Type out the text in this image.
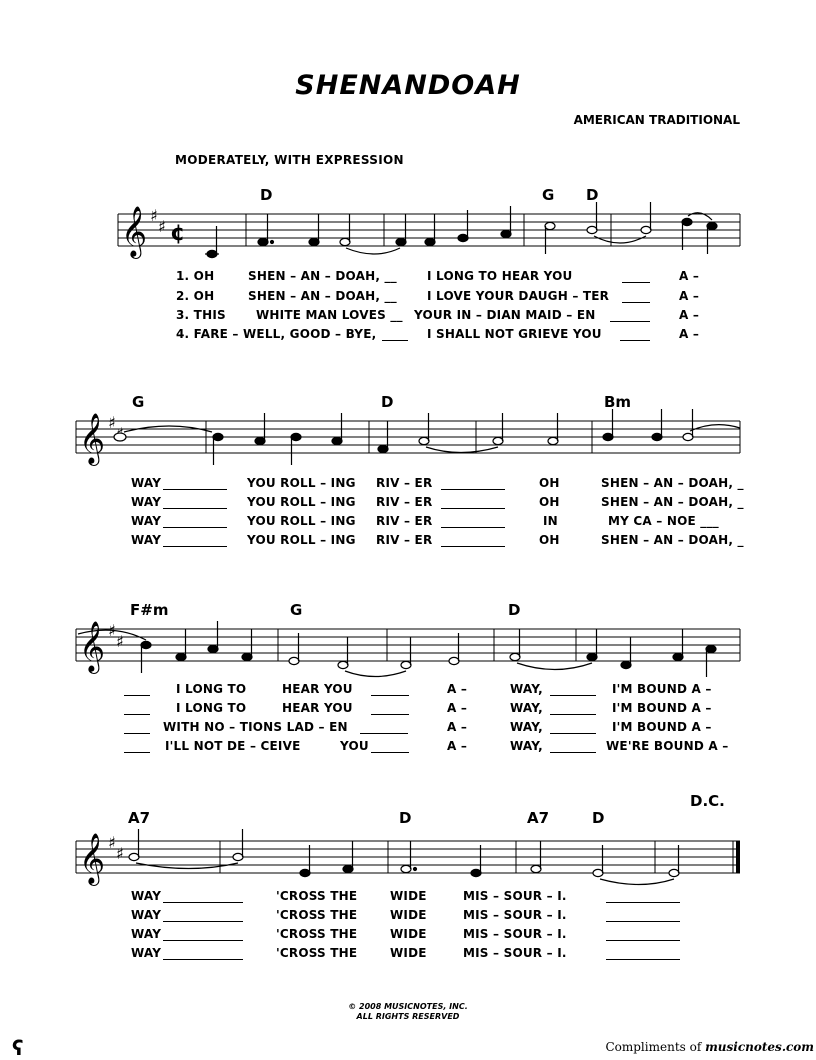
SHENANDOAH
AMERICAN TRADITIONAL
MODERATELY, WITH EXPRESSION
𝄞
𝄞
𝄞
𝄞
♯
♯
♯
♯
♯
♯
♯
¢
D	G D
G	D	Bm
F#m	G	D
A7	D	A7	D
D.C.
1. OH	SHEN – AN – DOAH, __	I LONG TO HEAR YOU	A –
2. OH	SHEN – AN – DOAH, __	I LOVE YOUR DAUGH – TER	A –
3. THIS	WHITE MAN LOVES __ YOUR IN – DIAN MAID – EN	A –
4. FARE – WELL, GOOD – BYE,	I SHALL NOT GRIEVE YOU	A –
WAY	YOU ROLL – ING RIV – ER	OH	SHEN – AN – DOAH, _
WAY	YOU ROLL – ING RIV – ER	OH	SHEN – AN – DOAH, _
WAY	YOU ROLL – ING RIV – ER	IN	MY CA – NOE ___
WAY	YOU ROLL – ING RIV – ER	OH	SHEN – AN – DOAH, _
I LONG TO	HEAR YOU	A –	WAY,	I'M BOUND A –
I LONG TO	HEAR YOU	A –	WAY,	I'M BOUND A –
WITH NO – TIONS LAD – EN	A –	WAY,	I'M BOUND A –
I'LL NOT DE – CEIVE	YOU	A –	WAY,	WE'RE BOUND A –
WAY	'CROSS THE	WIDE	MIS – SOUR – I.
WAY	'CROSS THE	WIDE	MIS – SOUR – I.
WAY	'CROSS THE	WIDE	MIS – SOUR – I.
WAY	'CROSS THE	WIDE	MIS – SOUR – I.
© 2008 MUSICNOTES, INC.
ALL RIGHTS RESERVED
Compliments of musicnotes.com
ʕ
